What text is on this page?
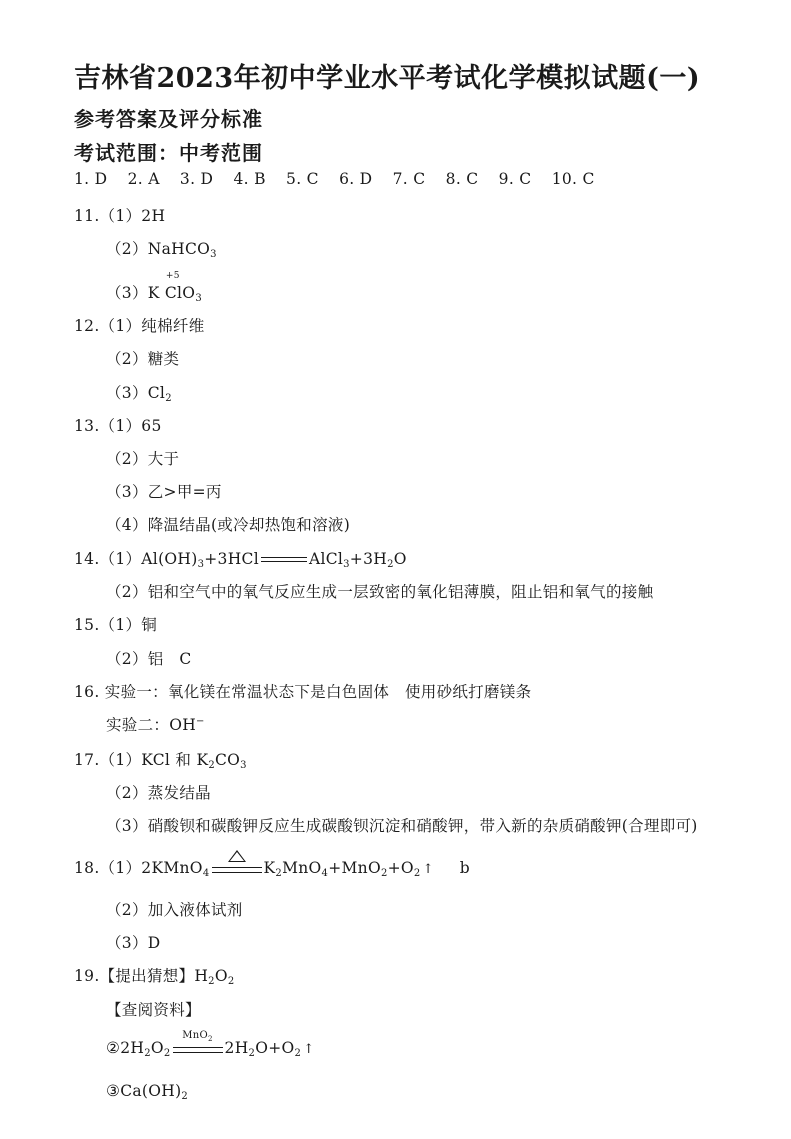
吉林省2023年初中学业水平考试化学模拟试题(一)
参考答案及评分标准
考试范围：中考范围
1. D 2. A 3. D 4. B 5. C 6. D 7. C 8. C 9. C 10. C
11.（1）2H
（2）NaHCO$_3$
（3）K
+5
ClO$_3$
12.（1）纯棉纤维
（2）糖类
$(3)Cl_2$
13.（1）65
（2）大于
（3）乙>甲=丙
（4）降温结晶(或冷却热饱和溶液)
$14.(1)Al(OH)_3+3HCl$	$AlCl_3+3H_2O$
（2）铝和空气中的氧气反应生成一层致密的氧化铝薄膜，阻止铝和氧气的接触
15.（1）铜
（2）铝　C
16. 实验一：氧化镁在常温状态下是白色固体　使用砂纸打磨镁条
实验二：OH−
17.（1）KCl 和 $K_2CO_3$
（2）蒸发结晶
（3）硝酸钡和碳酸钾反应生成碳酸钡沉淀和硝酸钾，带入新的杂质硝酸钾(合理即可)
18.（1）2KMnO$_4$	$K_2MnO_4+MnO_2+O_2$ ↑ b
（2）加入液体试剂
（3）D
19.【提出猜想】$H_2O_2$
【查阅资料】
$②2H_2O_2$
MnO$_2$ $2H_2O+O_2$ ↑
$③Ca(OH)_2$
